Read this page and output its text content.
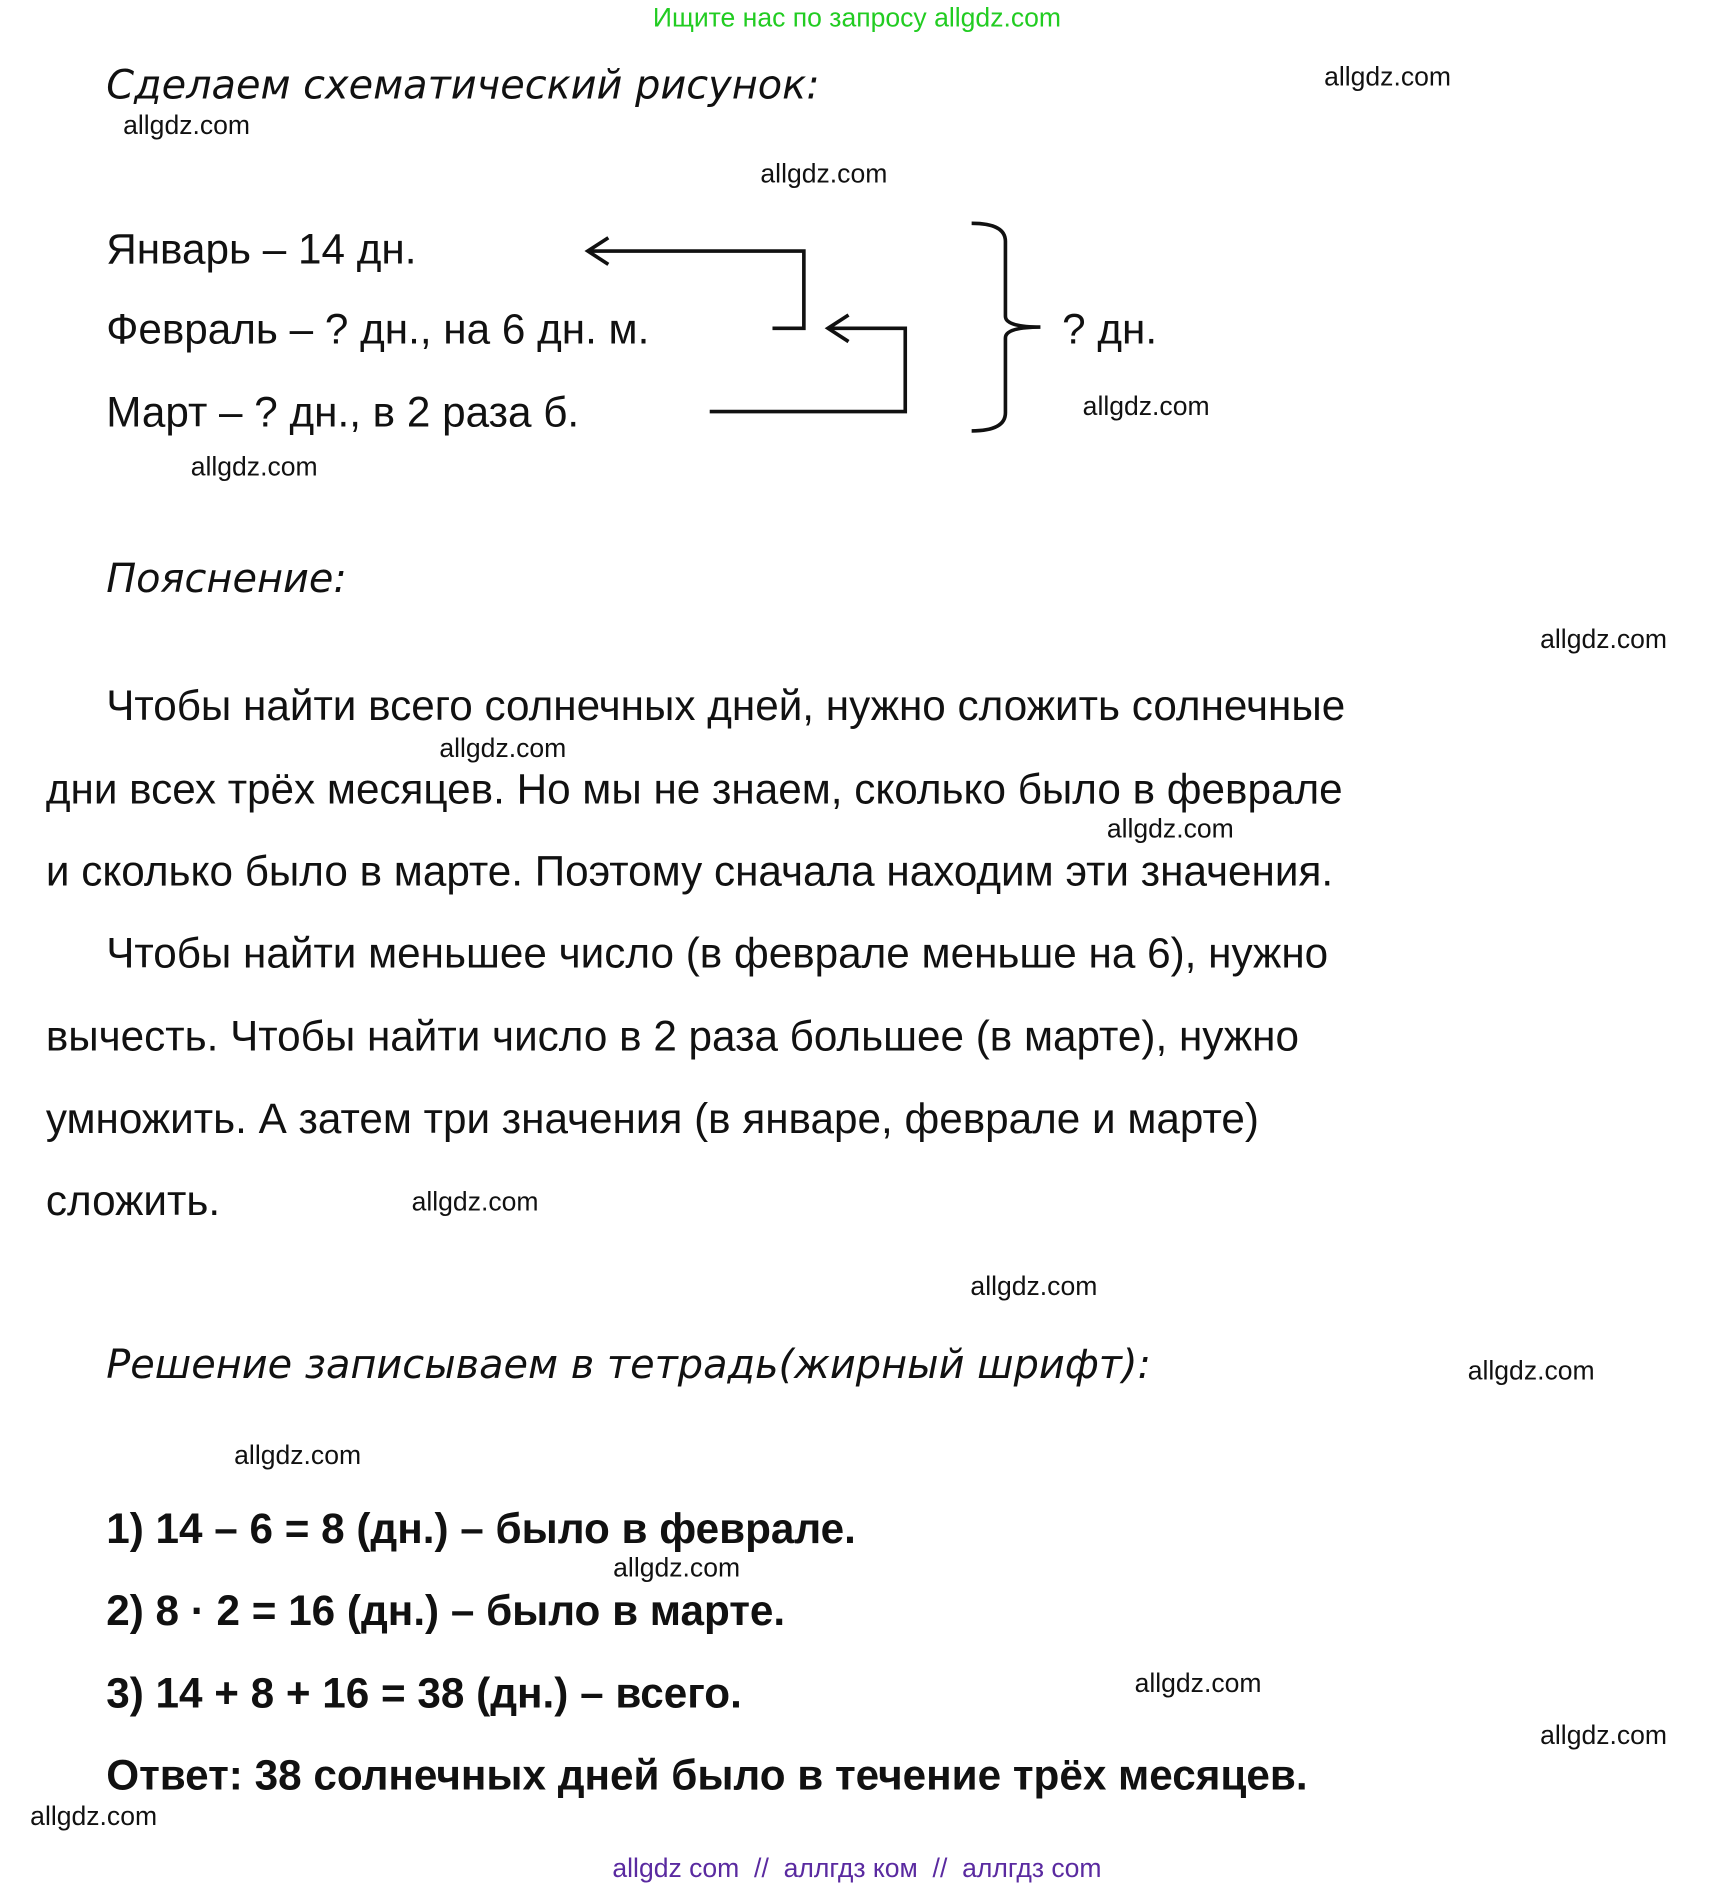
Ищите нас по запросу allgdz.com
Сделаем схематический рисунок:
Январь – 14 дн.
Февраль – ? дн., на 6 дн. м.
Март – ? дн., в 2 раза б.
? дн.
Пояснение:
Чтобы найти всего солнечных дней, нужно сложить солнечные
дни всех трёх месяцев. Но мы не знаем, сколько было в феврале
и сколько было в марте. Поэтому сначала находим эти значения.
Чтобы найти меньшее число (в феврале меньше на 6), нужно
вычесть. Чтобы найти число в 2 раза большее (в марте), нужно
умножить. А затем три значения (в январе, феврале и марте)
сложить.
Решение записываем в тетрадь(жирный шрифт):
1) 14 – 6 = 8 (дн.) – было в феврале.
2) 8 · 2 = 16 (дн.) – было в марте.
3) 14 + 8 + 16 = 38 (дн.) – всего.
Ответ: 38 солнечных дней было в течение трёх месяцев.
allgdz.com
allgdz.com
allgdz.com
allgdz.com
allgdz.com
allgdz.com
allgdz.com
allgdz.com
allgdz.com
allgdz.com
allgdz.com
allgdz.com
allgdz.com
allgdz.com
allgdz.com
allgdz.com
allgdz com  //  аллгдз ком  //  аллгдз com
